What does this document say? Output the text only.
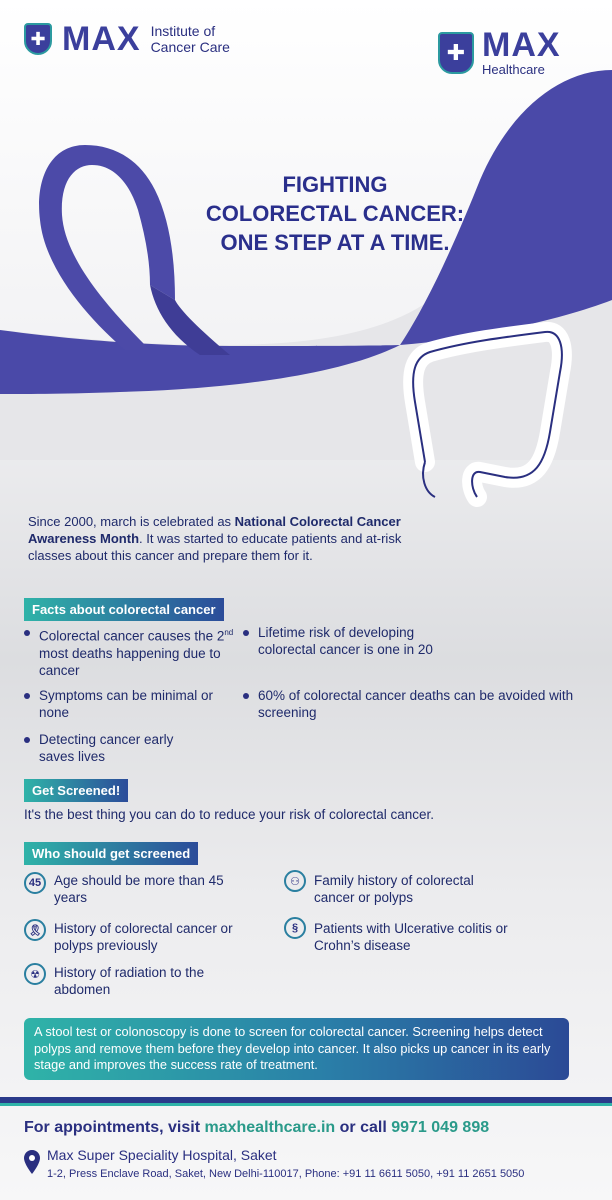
✚ MAX Institute of
Cancer Care	✚ MAX
Healthcare
FIGHTING
COLORECTAL CANCER:
ONE STEP AT A TIME.
Since 2000, march is celebrated as National Colorectal Cancer Awareness Month. It was started to educate patients and at-risk classes about this cancer and prepare them for it.
Facts about colorectal cancer
Colorectal cancer causes the 2nd most deaths happening due to cancer
Symptoms can be minimal or none
Detecting cancer early saves lives
Lifetime risk of developing colorectal cancer is one in 20
60% of colorectal cancer deaths can be avoided with screening
Get Screened!
It's the best thing you can do to reduce your risk of colorectal cancer.
Who should get screened
45 Age should be more than 45 years
🎗 History of colorectal cancer or polyps previously
☢	History of radiation to the abdomen
⚇	Family history of colorectal cancer or polyps
§	Patients with Ulcerative colitis or Crohn’s disease
A stool test or colonoscopy is done to screen for colorectal cancer. Screening helps detect polyps and remove them before they develop into cancer. It also picks up cancer in its early stage and improves the success rate of treatment.
For appointments, visit maxhealthcare.in or call 9971 049 898
Max Super Speciality Hospital, Saket
1-2, Press Enclave Road, Saket, New Delhi-110017, Phone: +91 11 6611 5050, +91 11 2651 5050
